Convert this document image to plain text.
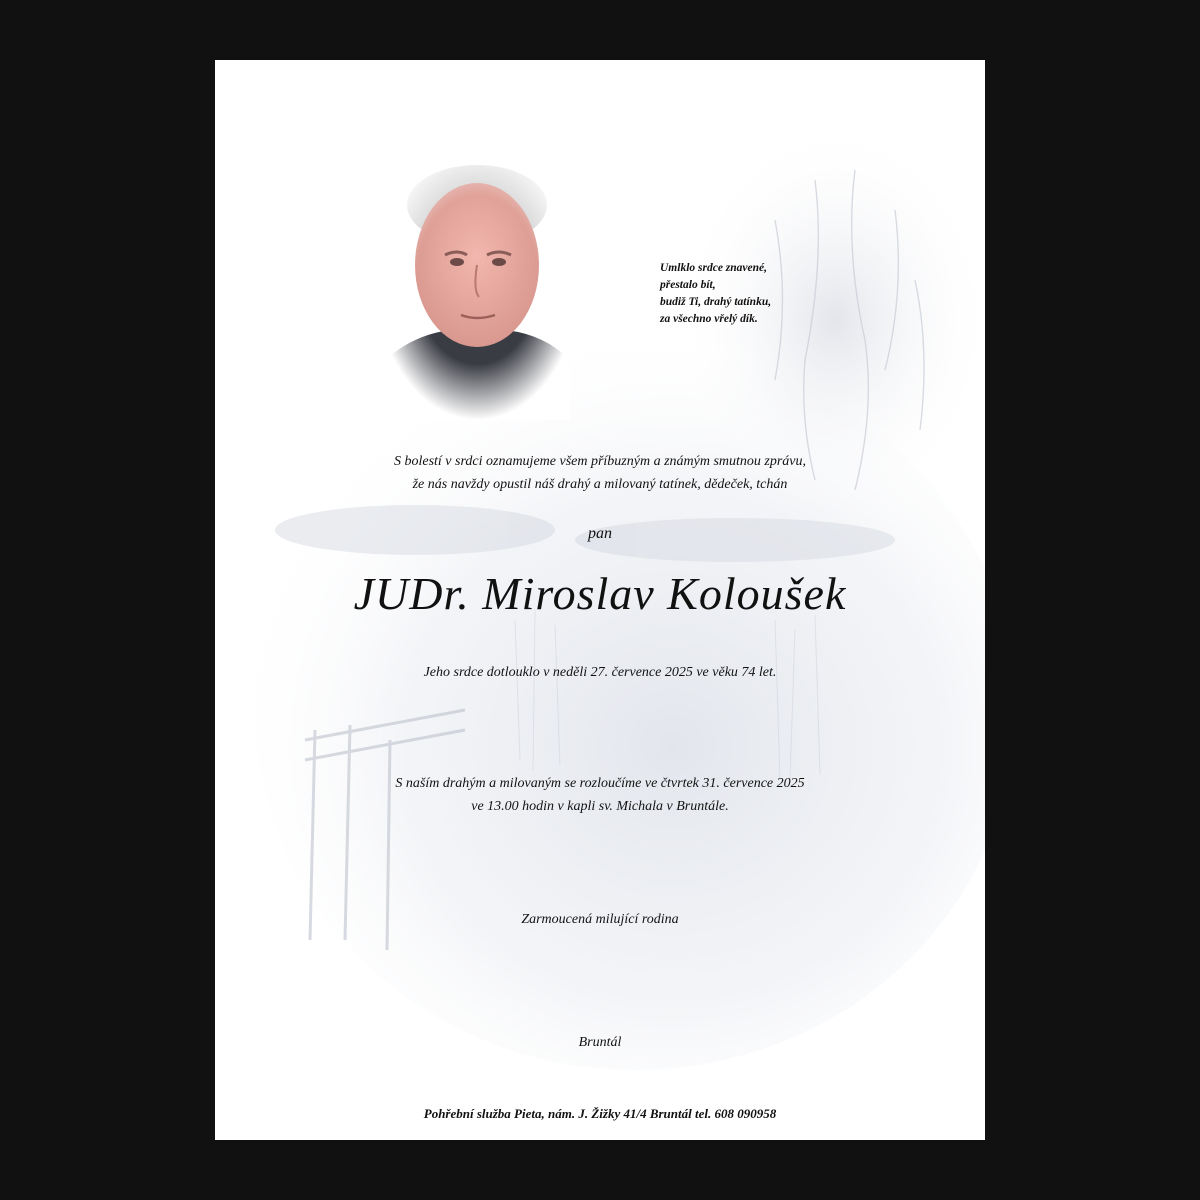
Umlklo srdce znavené,
přestalo bít,
budiž Ti, drahý tatínku,
za všechno vřelý dík.
S bolestí v srdci oznamujeme všem příbuzným a známým smutnou zprávu,
že nás navždy opustil náš drahý a milovaný tatínek, dědeček, tchán
pan
JUDr. Miroslav Koloušek
Jeho srdce dotlouklo v neděli 27. července 2025 ve věku 74 let.
S naším drahým a milovaným se rozloučíme ve čtvrtek 31. července 2025
ve 13.00 hodin v kapli sv. Michala v Bruntále.
Zarmoucená milující rodina
Bruntál
Pohřební služba Pieta, nám. J. Žižky 41/4 Bruntál tel. 608 090958
